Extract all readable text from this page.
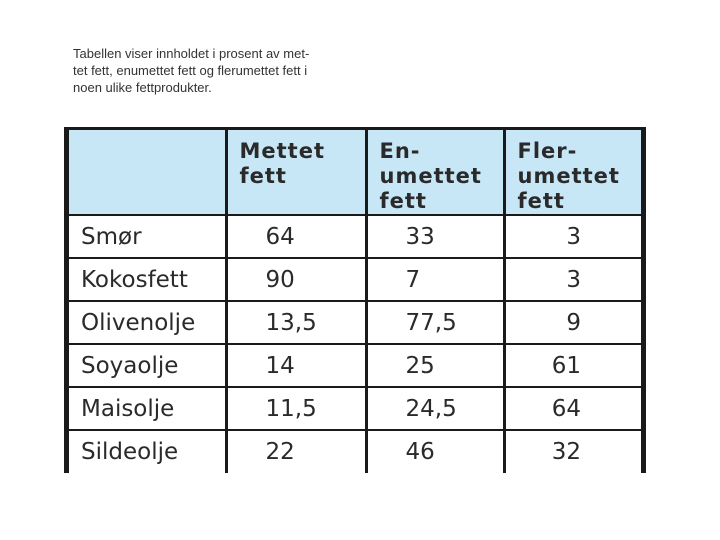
Tabellen viser innholdet i prosent av met-
tet fett, enumettet fett og flerumettet fett i
noen ulike fettprodukter.

	Mettet
fett	En-
umettet
fett	Fler-
umettet
fett

Smør	64	33	3
Kokosfett	90	7	3
Olivenolje	13,5	77,5	9
Soyaolje	14	25	61
Maisolje	11,5	24,5	64
Sildeolje	22	46	32
